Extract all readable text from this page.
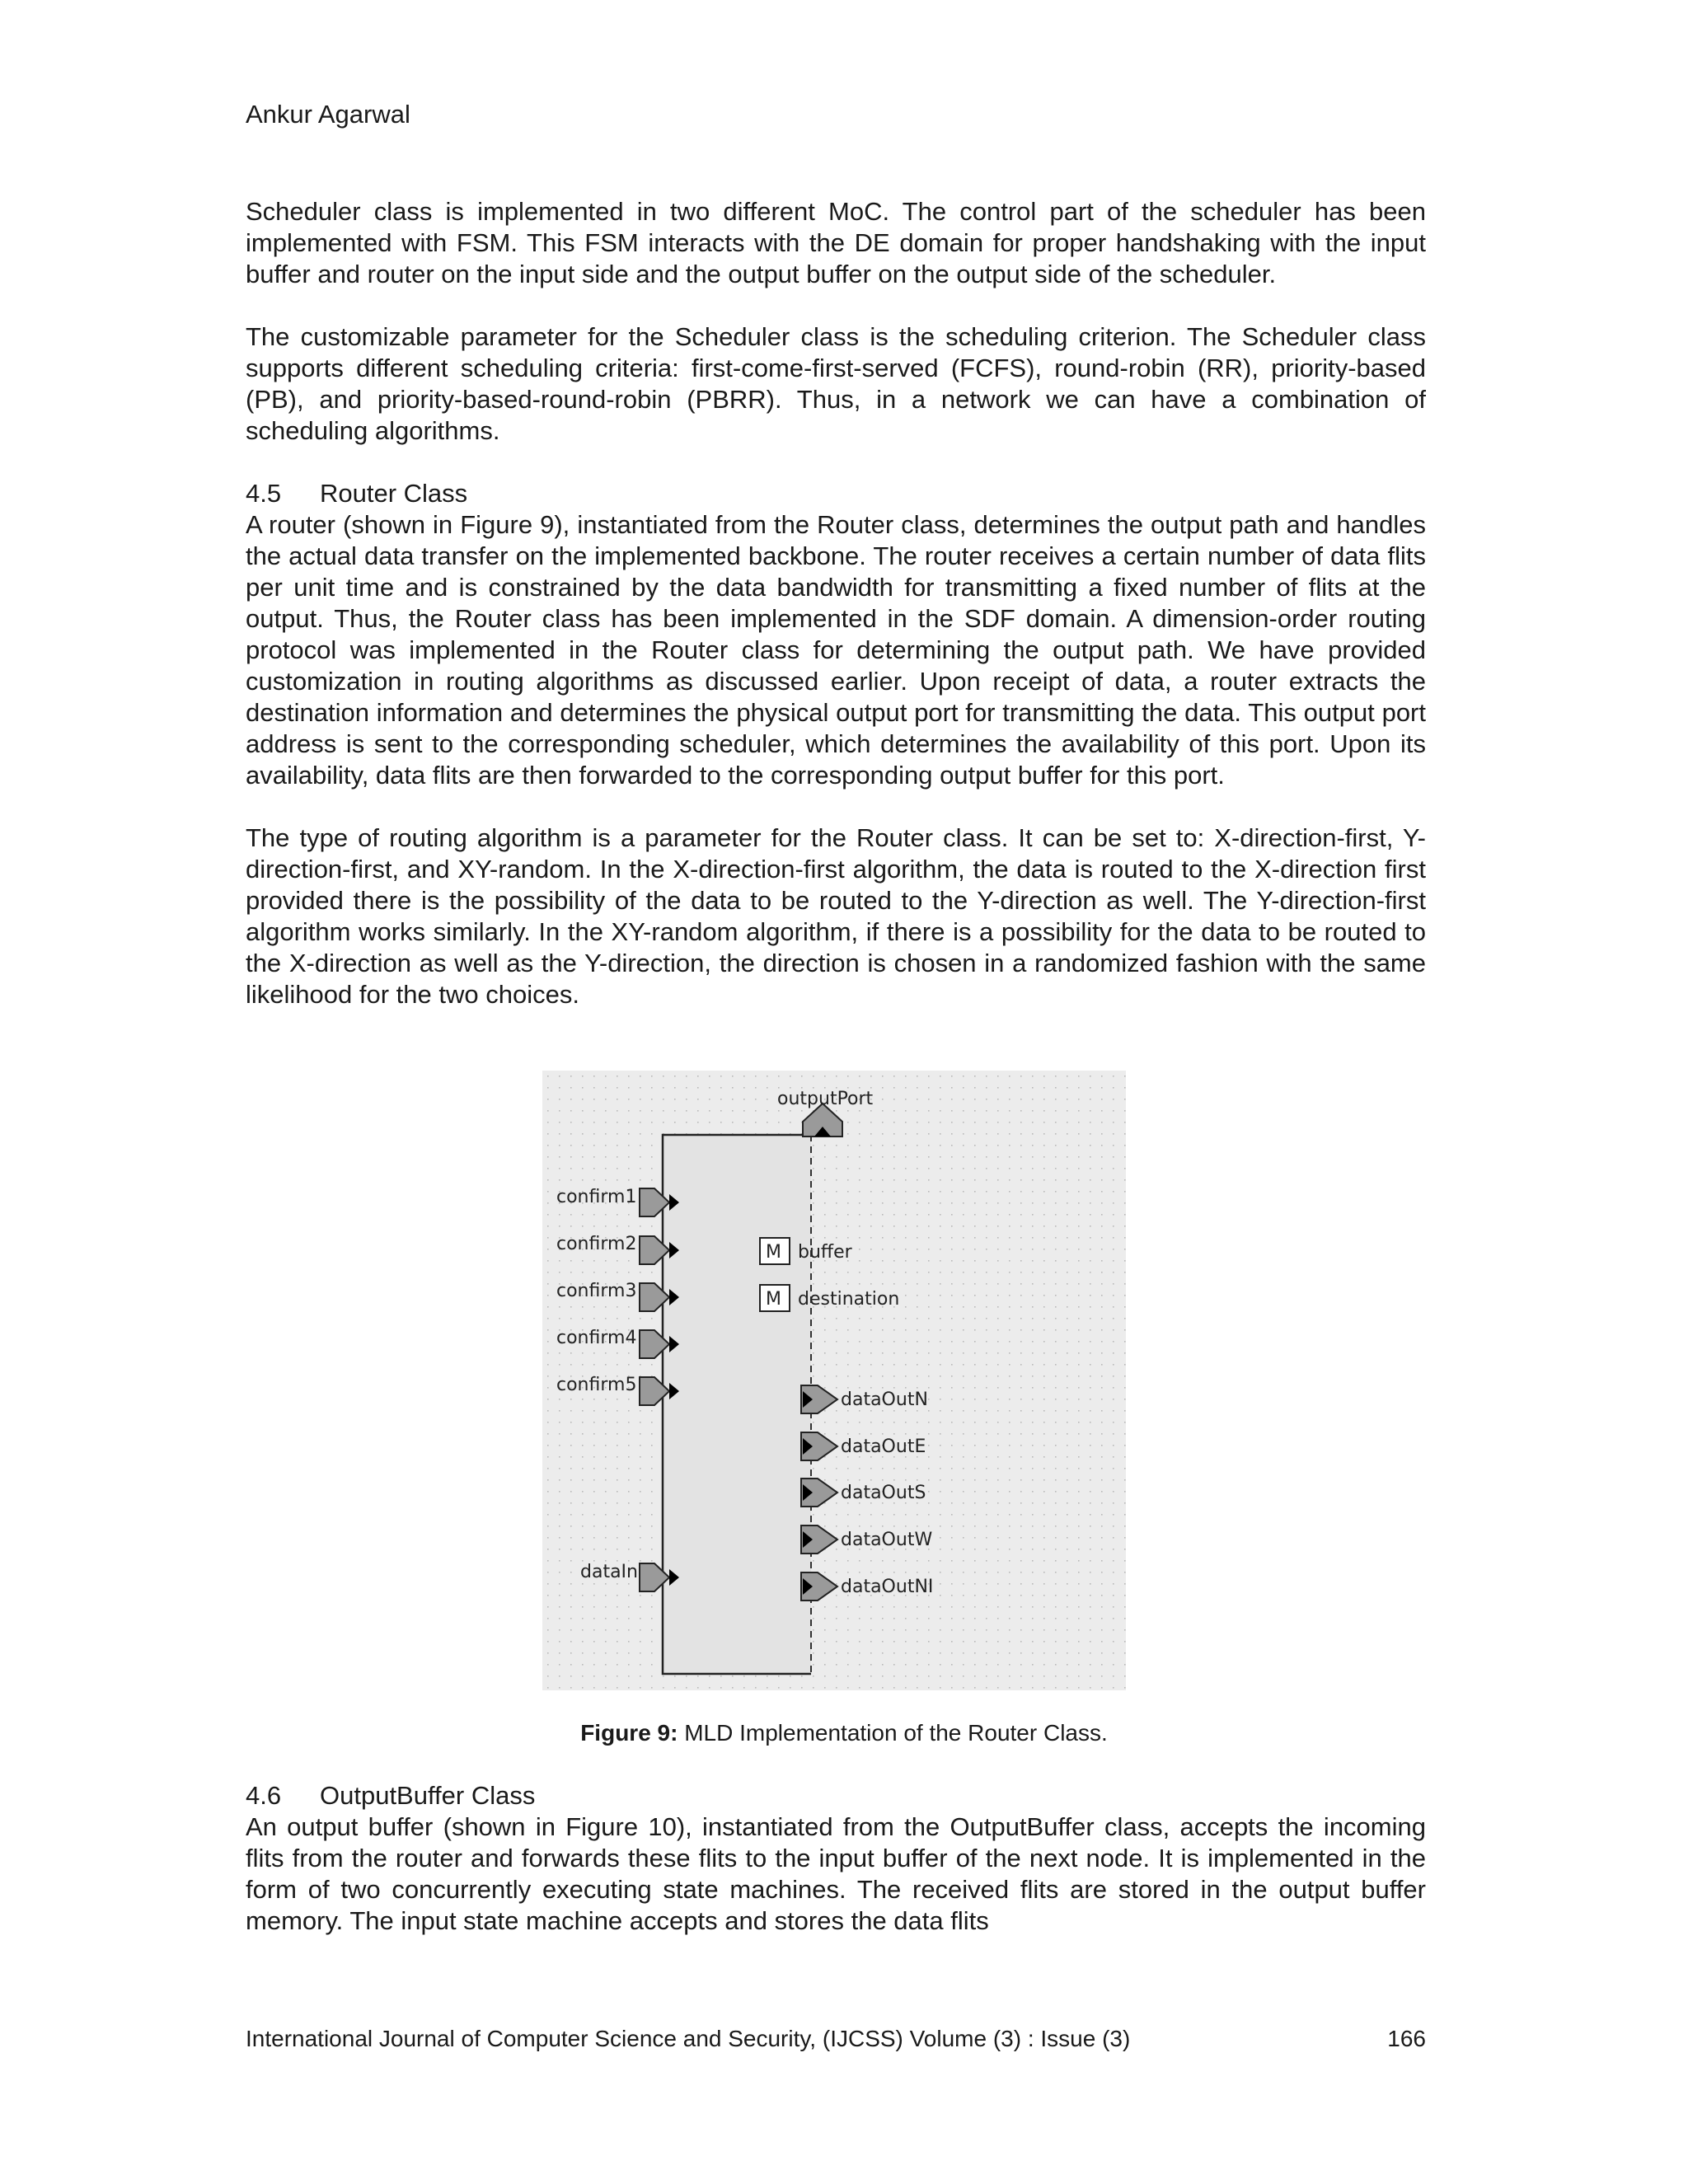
Ankur Agarwal

Scheduler class is implemented in two different MoC. The control part of the scheduler has been implemented with FSM. This FSM interacts with the DE domain for proper handshaking with the input buffer and router on the input side and the output buffer on the output side of the scheduler.

The customizable parameter for the Scheduler class is the scheduling criterion. The Scheduler class supports different scheduling criteria: first-come-first-served (FCFS), round-robin (RR), priority-based (PB), and priority-based-round-robin (PBRR). Thus, in a network we can have a combination of scheduling algorithms.

4.5	Router Class

A router (shown in Figure 9), instantiated from the Router class, determines the output path and handles the actual data transfer on the implemented backbone. The router receives a certain number of data flits per unit time and is constrained by the data bandwidth for transmitting a fixed number of flits at the output. Thus, the Router class has been implemented in the SDF domain. A dimension-order routing protocol was implemented in the Router class for determining the output path. We have provided customization in routing algorithms as discussed earlier. Upon receipt of data, a router extracts the destination information and determines the physical output port for transmitting the data. This output port address is sent to the corresponding scheduler, which determines the availability of this port. Upon its availability, data flits are then forwarded to the corresponding output buffer for this port.

The type of routing algorithm is a parameter for the Router class. It can be set to: X-direction-first, Y-direction-first, and XY-random. In the X-direction-first algorithm, the data is routed to the X-direction first provided there is the possibility of the data to be routed to the Y-direction as well. The Y-direction-first algorithm works similarly. In the XY-random algorithm, if there is a possibility for the data to be routed to the X-direction as well as the Y-direction, the direction is chosen in a randomized fashion with the same likelihood for the two choices.

outputPort
confirm1
confirm2
confirm3
confirm4
confirm5
dataIn
M buffer
M destination
dataOutN
dataOutE
dataOutS
dataOutW
dataOutNI
Figure 9: MLD Implementation of the Router Class.

4.6	OutputBuffer Class

An output buffer (shown in Figure 10), instantiated from the OutputBuffer class, accepts the incoming flits from the router and forwards these flits to the input buffer of the next node. It is implemented in the form of two concurrently executing state machines. The received flits are stored in the output buffer memory. The input state machine accepts and stores the data flits

International Journal of Computer Science and Security, (IJCSS) Volume (3) : Issue (3)	166
